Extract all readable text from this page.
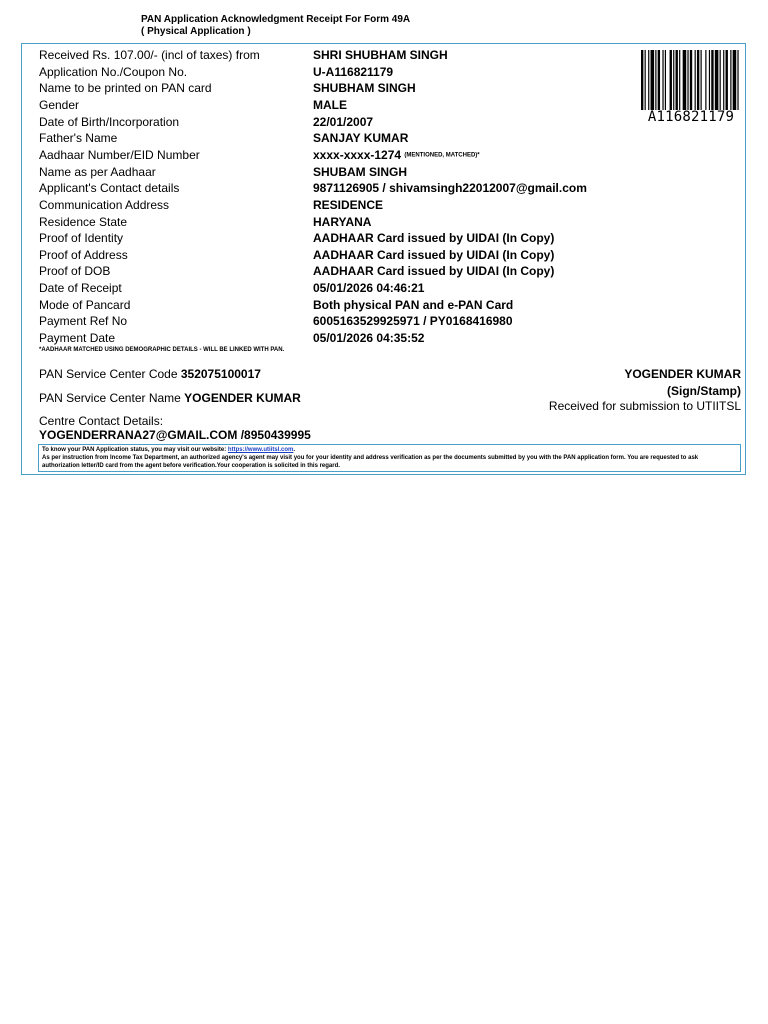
PAN Application Acknowledgment Receipt For Form 49A
( Physical Application )
A116821179
Received Rs. 107.00/- (incl of taxes) from	SHRI SHUBHAM SINGH
Application No./Coupon No.	U-A116821179
Name to be printed on PAN card	SHUBHAM SINGH
Gender	MALE
Date of Birth/Incorporation	22/01/2007
Father's Name	SANJAY KUMAR
Aadhaar Number/EID Number	xxxx-xxxx-1274 (MENTIONED, MATCHED)*
Name as per Aadhaar	SHUBAM SINGH
Applicant's Contact details	9871126905 / shivamsingh22012007@gmail.com
Communication Address	RESIDENCE
Residence State	HARYANA
Proof of Identity	AADHAAR Card issued by UIDAI (In Copy)
Proof of Address	AADHAAR Card issued by UIDAI (In Copy)
Proof of DOB	AADHAAR Card issued by UIDAI (In Copy)
Date of Receipt	05/01/2026 04:46:21
Mode of Pancard	Both physical PAN and e-PAN Card
Payment Ref No	6005163529925971 / PY0168416980
Payment Date	05/01/2026 04:35:52
*AADHAAR MATCHED USING DEMOGRAPHIC DETAILS - WILL BE LINKED WITH PAN.
PAN Service Center Code 352075100017
PAN Service Center Name YOGENDER KUMAR
YOGENDER KUMAR
(Sign/Stamp)
Received for submission to UTIITSL
Centre Contact Details:
YOGENDERRANA27@GMAIL.COM /8950439995
To know your PAN Application status, you may visit our website: https://www.utiitsl.com.
As per instruction from Income Tax Department, an authorized agency's agent may visit you for your identity and address verification as per the documents submitted by you with the PAN application form. You are requested to ask authorization letter/ID card from the agent before verification.Your cooperation is solicited in this regard.
